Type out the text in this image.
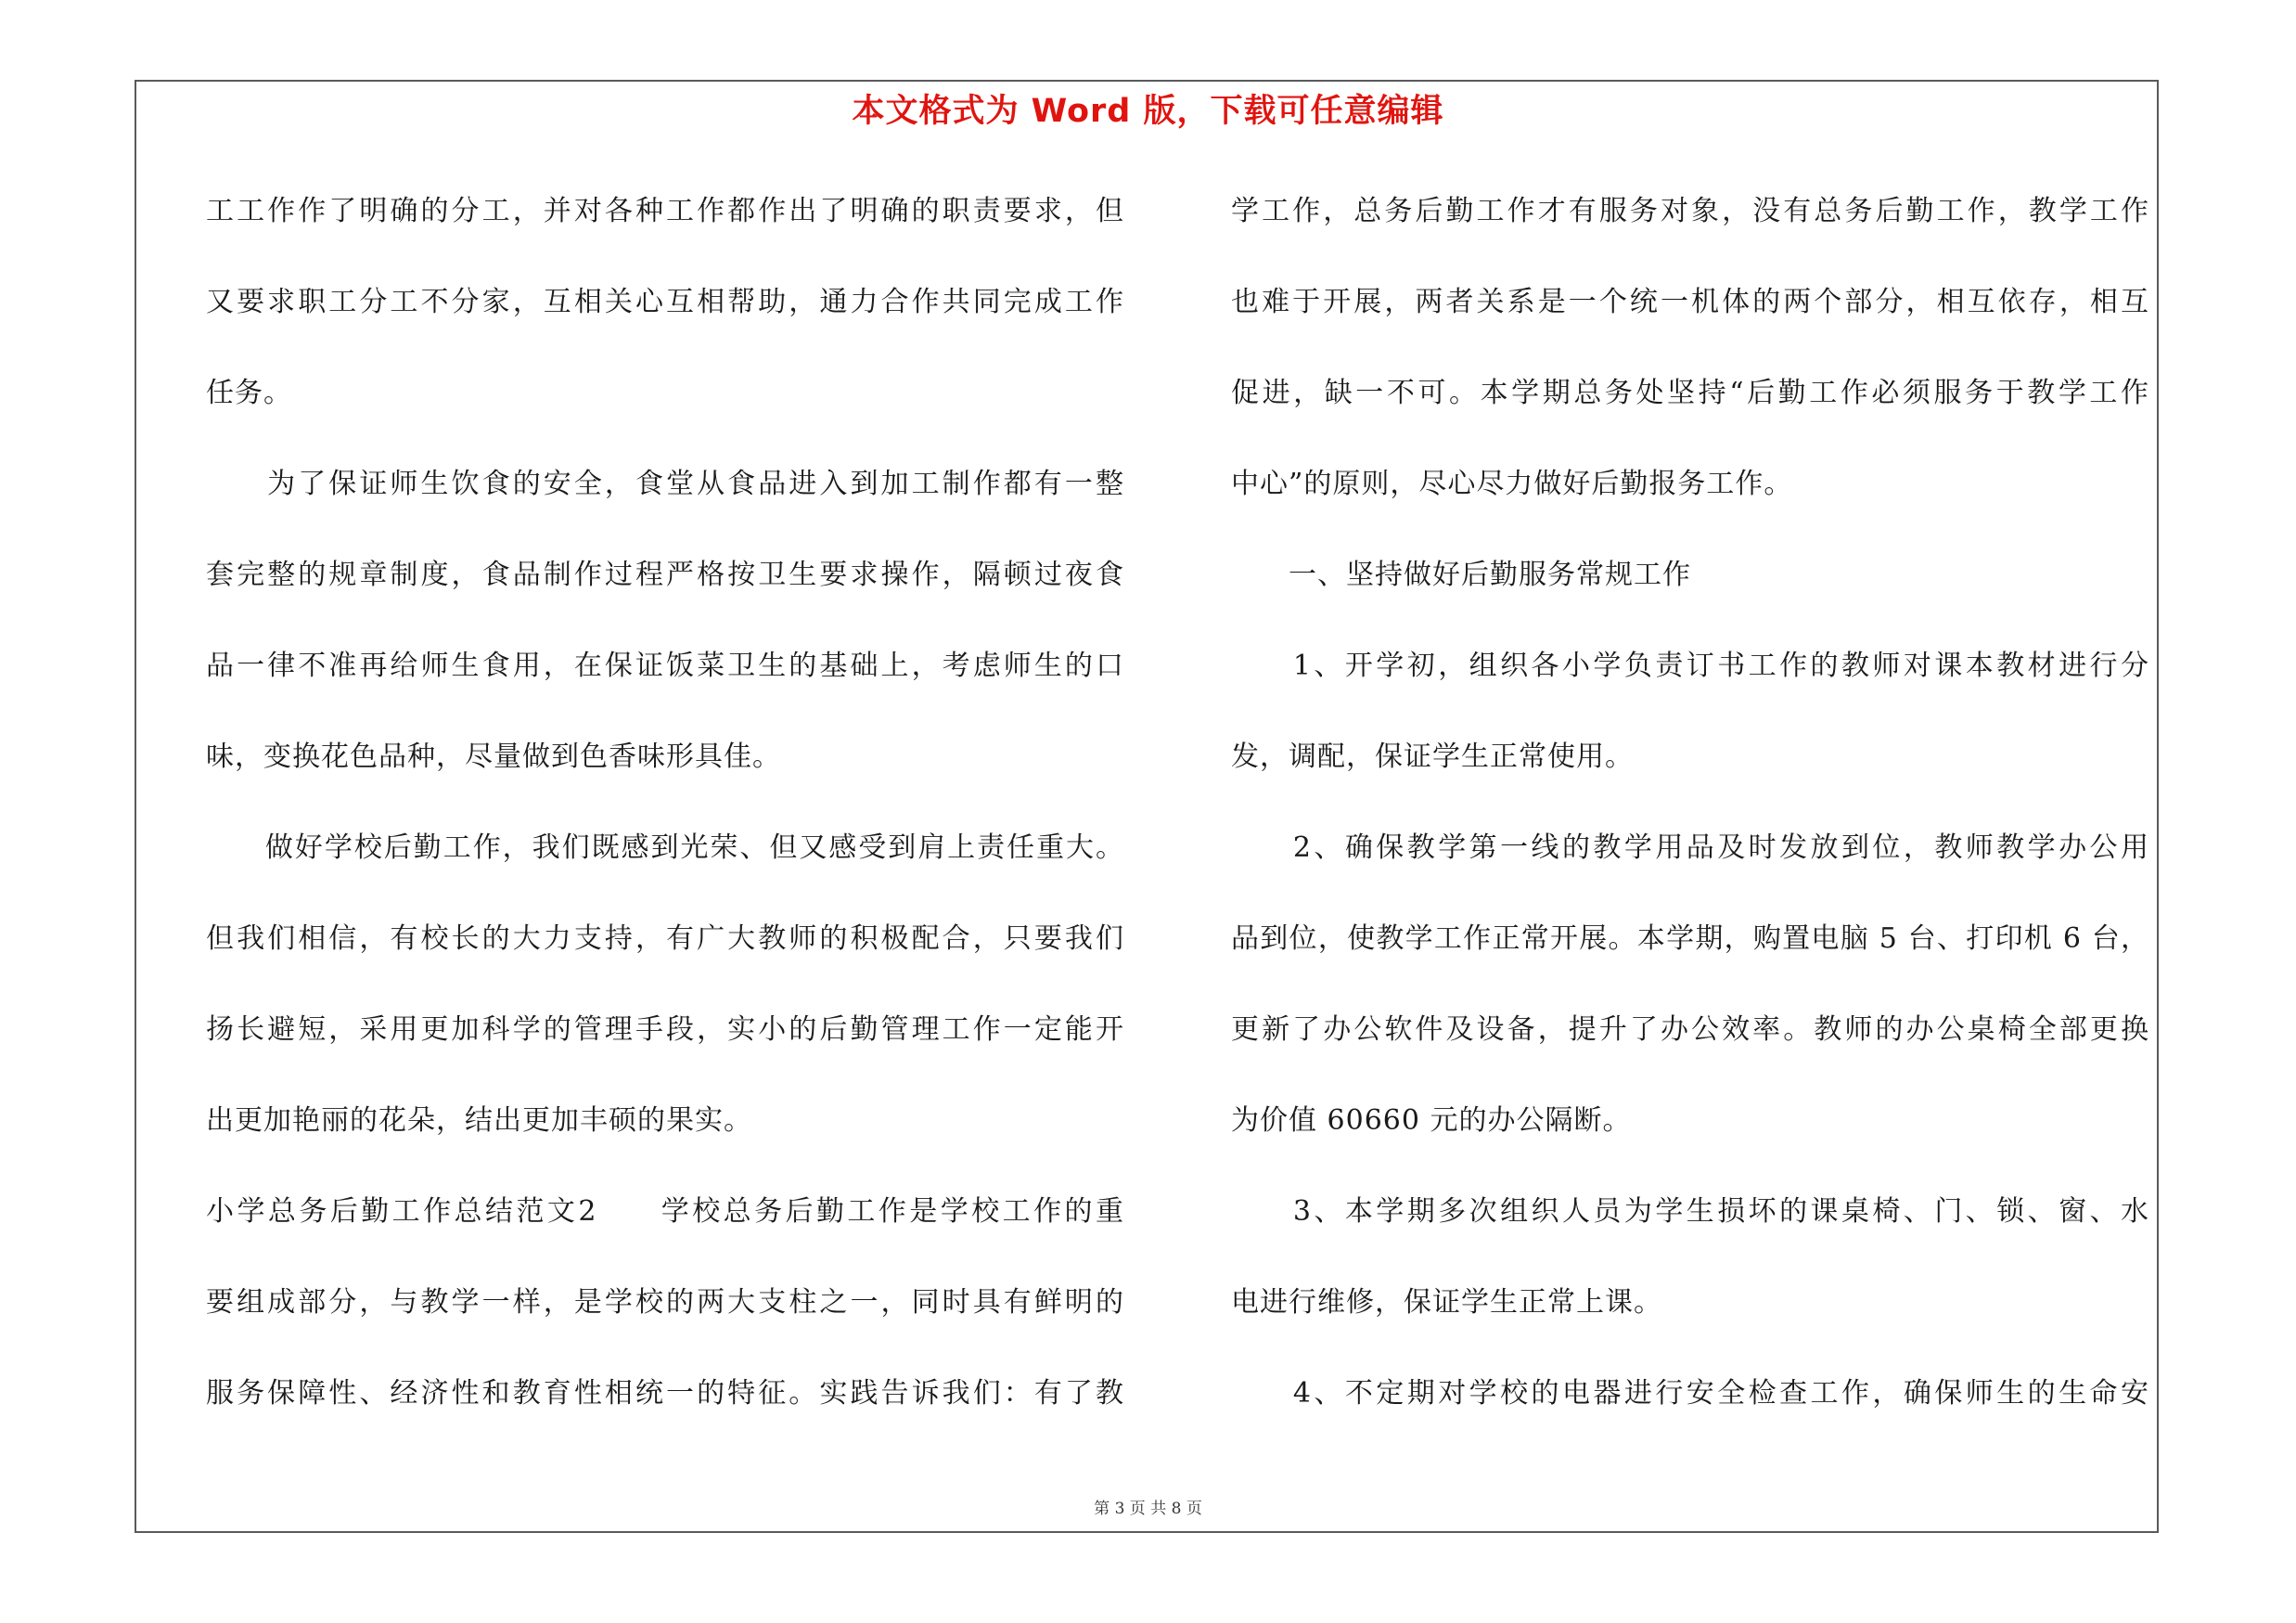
本文格式为 Word 版，下载可任意编辑
工工作作了明确的分工，并对各种工作都作出了明确的职责要求，但
又要求职工分工不分家，互相关心互相帮助，通力合作共同完成工作
任务。
　　为了保证师生饮食的安全，食堂从食品进入到加工制作都有一整
套完整的规章制度，食品制作过程严格按卫生要求操作，隔顿过夜食
品一律不准再给师生食用，在保证饭菜卫生的基础上，考虑师生的口
味，变换花色品种，尽量做到色香味形具佳。
　　做好学校后勤工作，我们既感到光荣、但又感受到肩上责任重大。
但我们相信，有校长的大力支持，有广大教师的积极配合，只要我们
扬长避短，采用更加科学的管理手段，实小的后勤管理工作一定能开
出更加艳丽的花朵，结出更加丰硕的果实。
小学总务后勤工作总结范文2　　学校总务后勤工作是学校工作的重
要组成部分，与教学一样，是学校的两大支柱之一，同时具有鲜明的
服务保障性、经济性和教育性相统一的特征。实践告诉我们：有了教
学工作，总务后勤工作才有服务对象，没有总务后勤工作，教学工作
也难于开展，两者关系是一个统一机体的两个部分，相互依存，相互
促进，缺一不可。本学期总务处坚持“后勤工作必须服务于教学工作
中心”的原则，尽心尽力做好后勤报务工作。
　　一、坚持做好后勤服务常规工作
　　1、开学初，组织各小学负责订书工作的教师对课本教材进行分
发，调配，保证学生正常使用。
　　2、确保教学第一线的教学用品及时发放到位，教师教学办公用
品到位，使教学工作正常开展。本学期，购置电脑 5 台、打印机 6 台，
更新了办公软件及设备，提升了办公效率。教师的办公桌椅全部更换
为价值 60660 元的办公隔断。
　　3、本学期多次组织人员为学生损坏的课桌椅、门、锁、窗、水
电进行维修，保证学生正常上课。
　　4、不定期对学校的电器进行安全检查工作，确保师生的生命安
第 3 页 共 8 页
